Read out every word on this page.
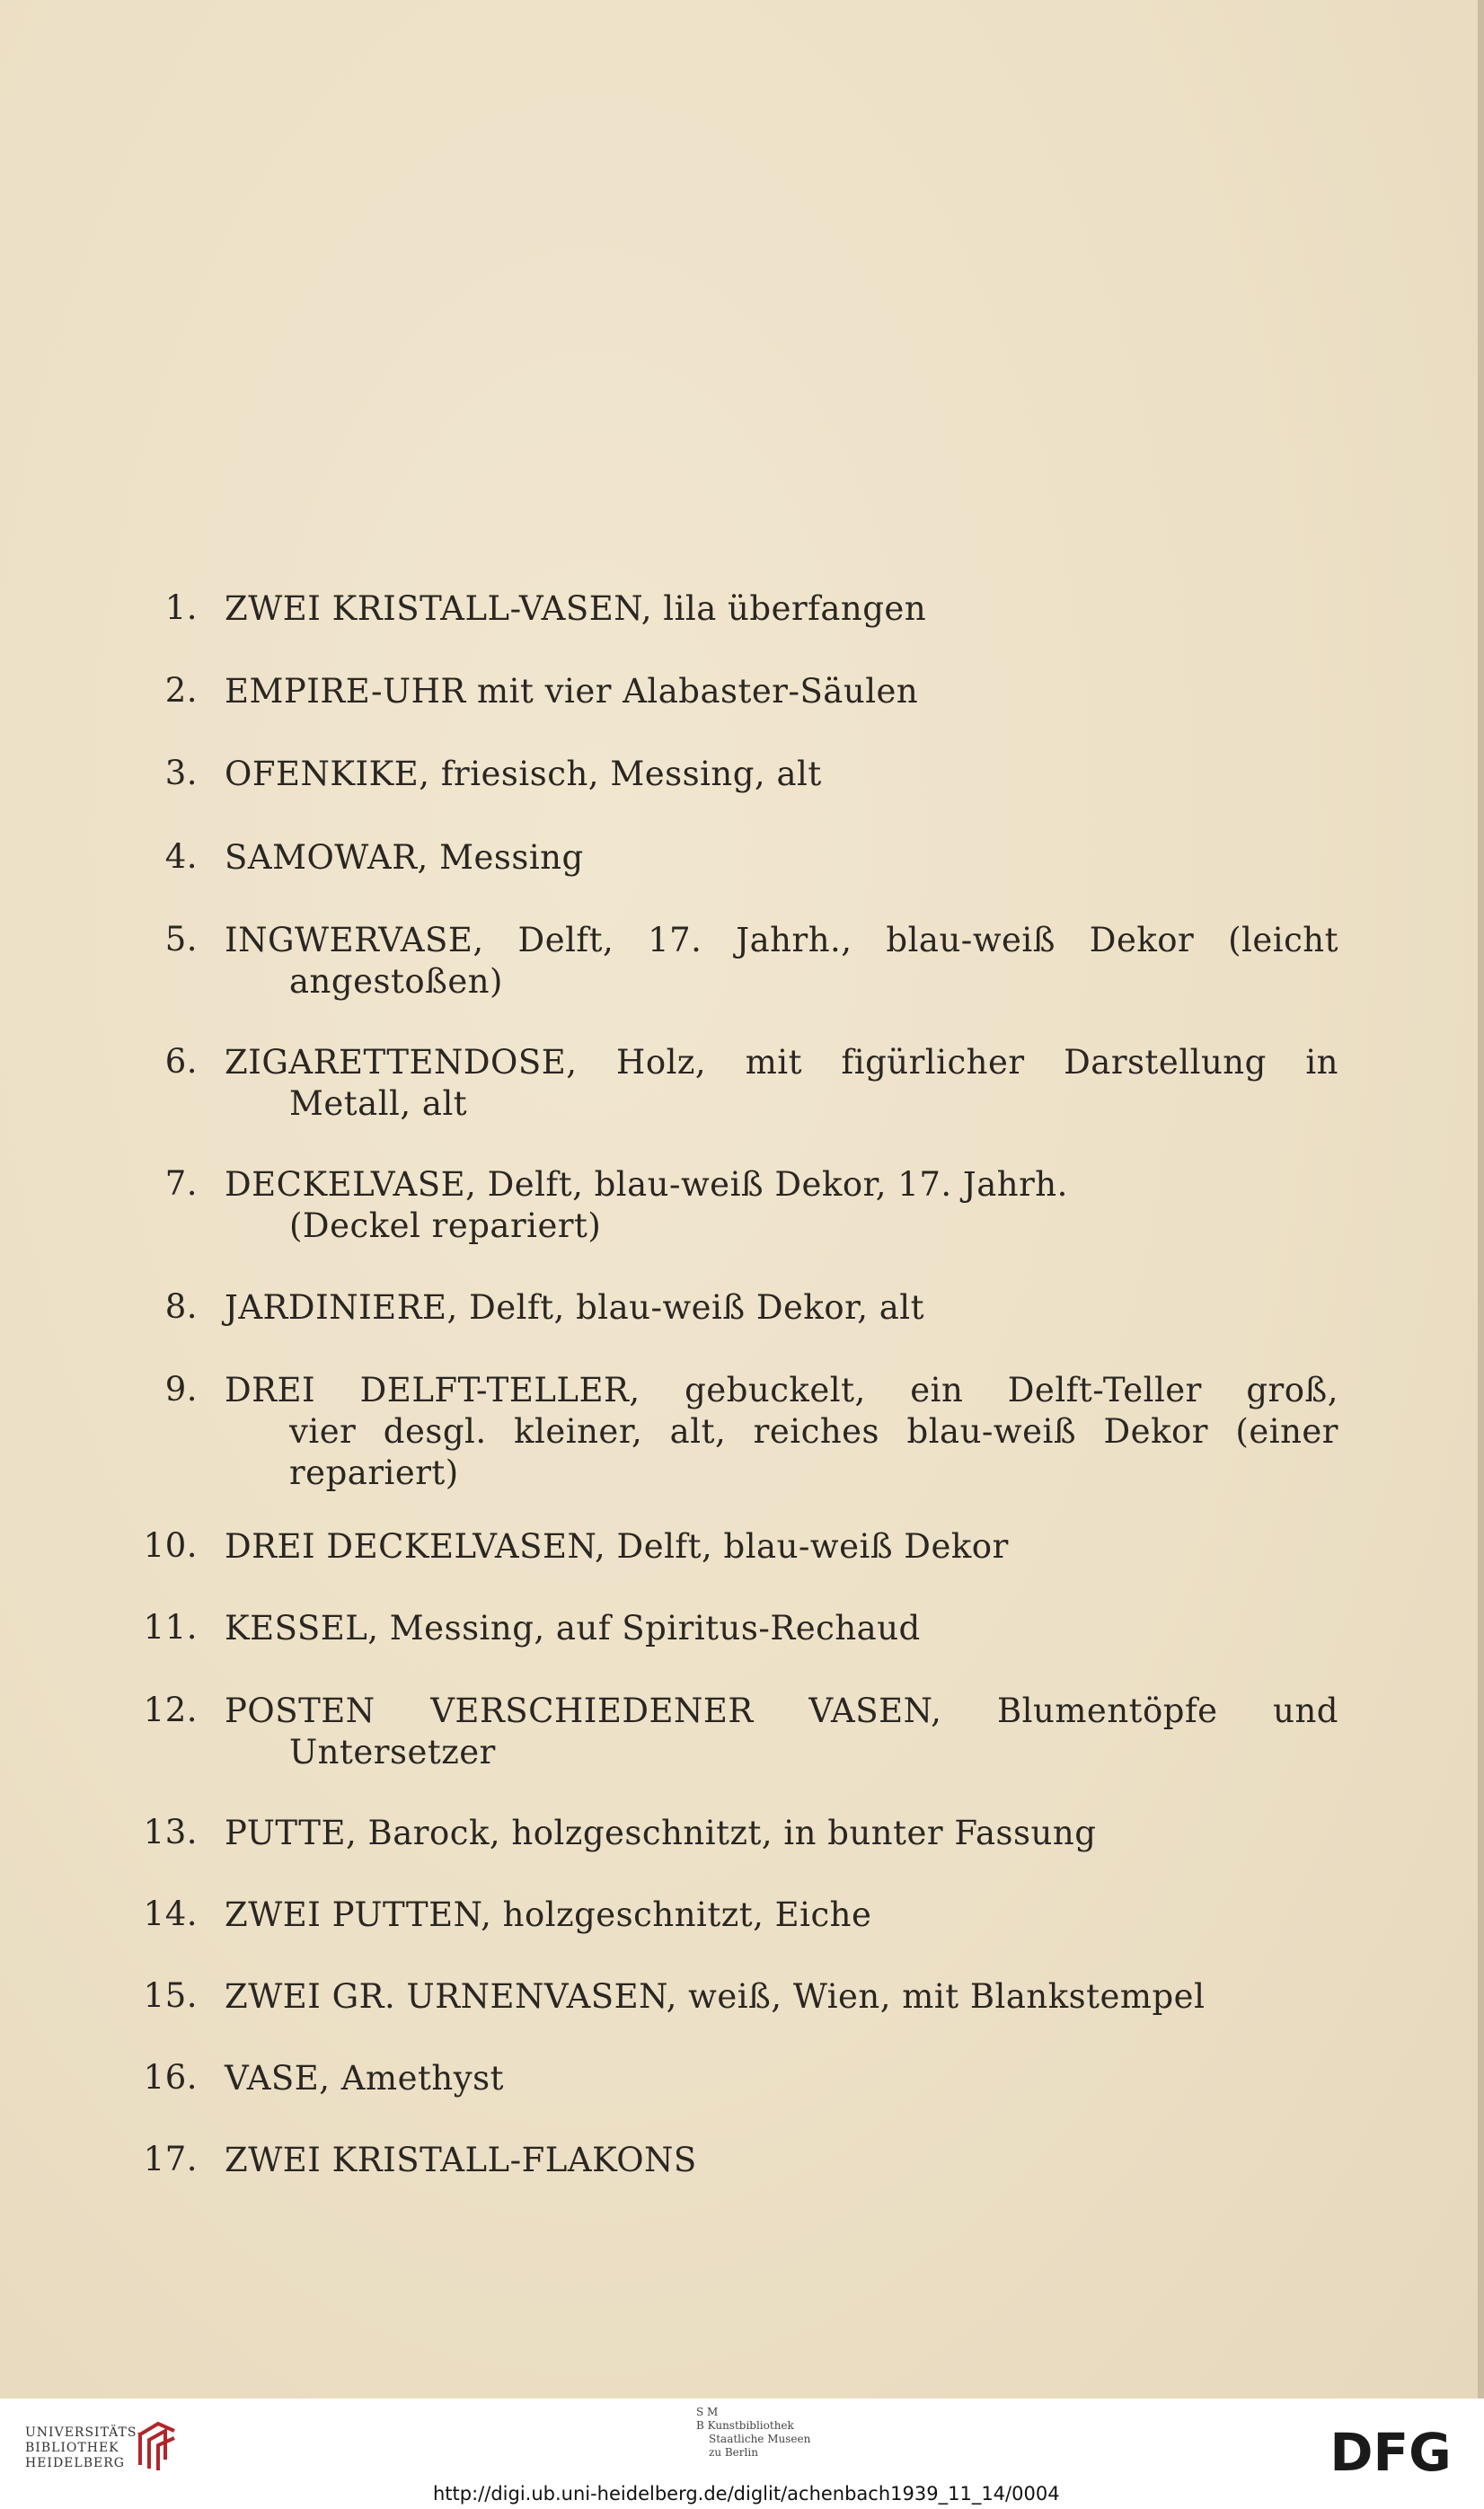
1. ZWEI KRISTALL-VASEN, lila überfangen
2. EMPIRE-UHR mit vier Alabaster-Säulen
3. OFENKIKE, friesisch, Messing, alt
4. SAMOWAR, Messing
5. INGWERVASE, Delft, 17. Jahrh., blau-weiß Dekor (leicht
angestoßen)
6. ZIGARETTENDOSE, Holz, mit figürlicher Darstellung in
Metall, alt
7. DECKELVASE, Delft, blau-weiß Dekor, 17. Jahrh.
(Deckel repariert)
8. JARDINIERE, Delft, blau-weiß Dekor, alt
9. DREI DELFT-TELLER, gebuckelt, ein Delft-Teller groß,
vier desgl. kleiner, alt, reiches blau-weiß Dekor (einer
repariert)
10. DREI DECKELVASEN, Delft, blau-weiß Dekor
11. KESSEL, Messing, auf Spiritus-Rechaud
12. POSTEN VERSCHIEDENER VASEN, Blumentöpfe und
Untersetzer
13. PUTTE, Barock, holzgeschnitzt, in bunter Fassung
14. ZWEI PUTTEN, holzgeschnitzt, Eiche
15. ZWEI GR. URNENVASEN, weiß, Wien, mit Blankstempel
16. VASE, Amethyst
17. ZWEI KRISTALL-FLAKONS
UNIVERSITÄTS-
BIBLIOTHEK
HEIDELBERG
S M
B Kunstbibliothek
Staatliche Museen
zu Berlin	DFG
http://digi.ub.uni-heidelberg.de/diglit/achenbach1939_11_14/0004
